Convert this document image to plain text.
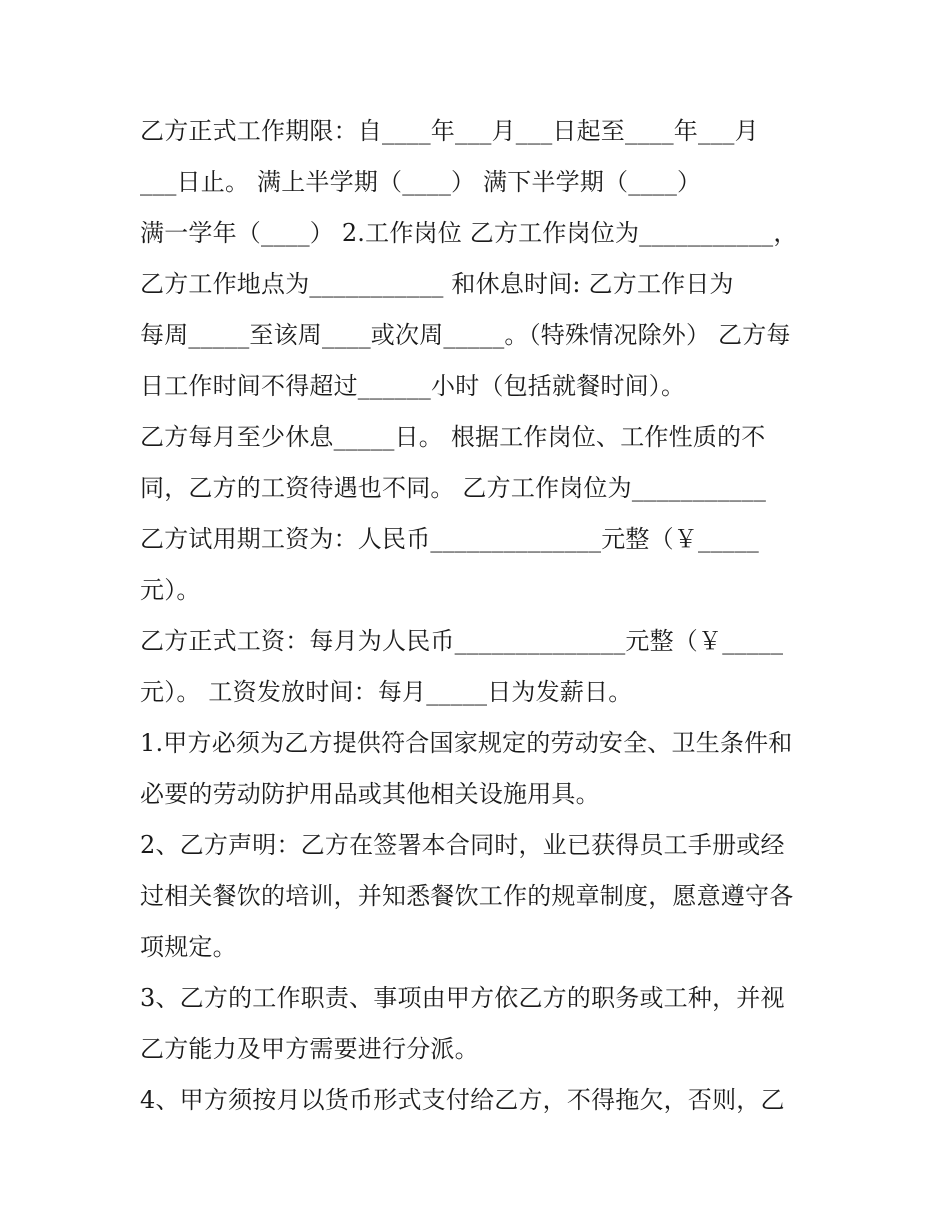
乙方正式工作期限：自____年___月___日起至____年___月
___日止。 满上半学期（____） 满下半学期（____）
满一学年（____） 2.工作岗位 乙方工作岗位为___________，
乙方工作地点为___________ 和休息时间: 乙方工作日为
每周_____至该周____或次周_____。（特殊情况除外） 乙方每
日工作时间不得超过______小时（包括就餐时间）。
乙方每月至少休息_____日。 根据工作岗位、工作性质的不
同，乙方的工资待遇也不同。 乙方工作岗位为___________
乙方试用期工资为：人民币______________元整（￥_____
元）。
乙方正式工资：每月为人民币______________元整（￥_____
元）。 工资发放时间：每月_____日为发薪日。
1.甲方必须为乙方提供符合国家规定的劳动安全、卫生条件和
必要的劳动防护用品或其他相关设施用具。
2、乙方声明：乙方在签署本合同时，业已获得员工手册或经
过相关餐饮的培训，并知悉餐饮工作的规章制度，愿意遵守各
项规定。
3、乙方的工作职责、事项由甲方依乙方的职务或工种，并视
乙方能力及甲方需要进行分派。
4、甲方须按月以货币形式支付给乙方，不得拖欠，否则，乙
